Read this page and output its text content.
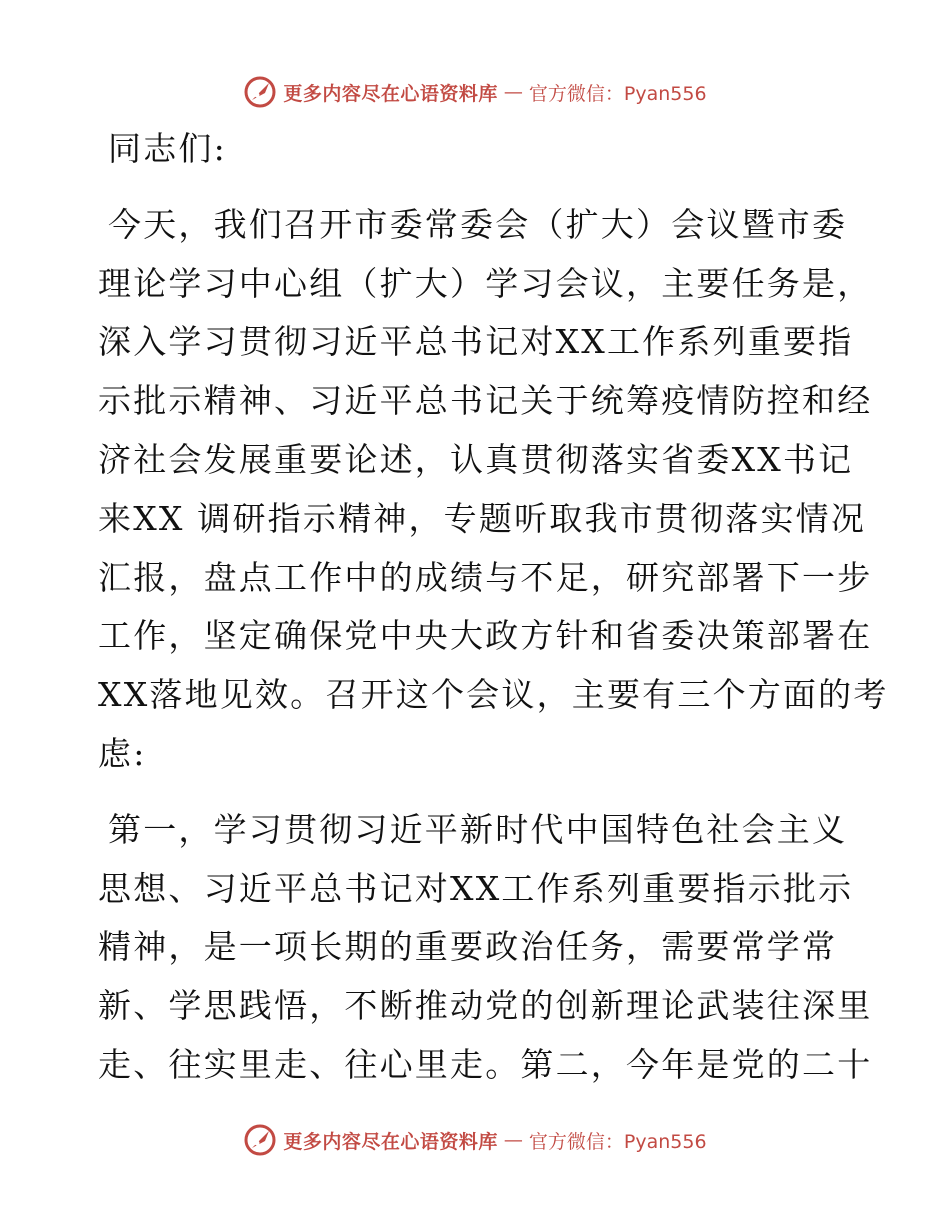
更多内容尽在心语资料库 — 官方微信：Pyan556
同志们:
今天，我们召开市委常委会（扩大）会议暨市委
理论学习中心组（扩大）学习会议，主要任务是，
深入学习贯彻习近平总书记对XX工作系列重要指
示批示精神、习近平总书记关于统筹疫情防控和经
济社会发展重要论述，认真贯彻落实省委XX书记
来XX 调研指示精神，专题听取我市贯彻落实情况
汇报，盘点工作中的成绩与不足，研究部署下一步
工作，坚定确保党中央大政方针和省委决策部署在
XX落地见效。召开这个会议，主要有三个方面的考
虑:
第一，学习贯彻习近平新时代中国特色社会主义
思想、习近平总书记对XX工作系列重要指示批示
精神，是一项长期的重要政治任务，需要常学常
新、学思践悟，不断推动党的创新理论武装往深里
走、往实里走、往心里走。第二，今年是党的二十
更多内容尽在心语资料库 — 官方微信：Pyan556
